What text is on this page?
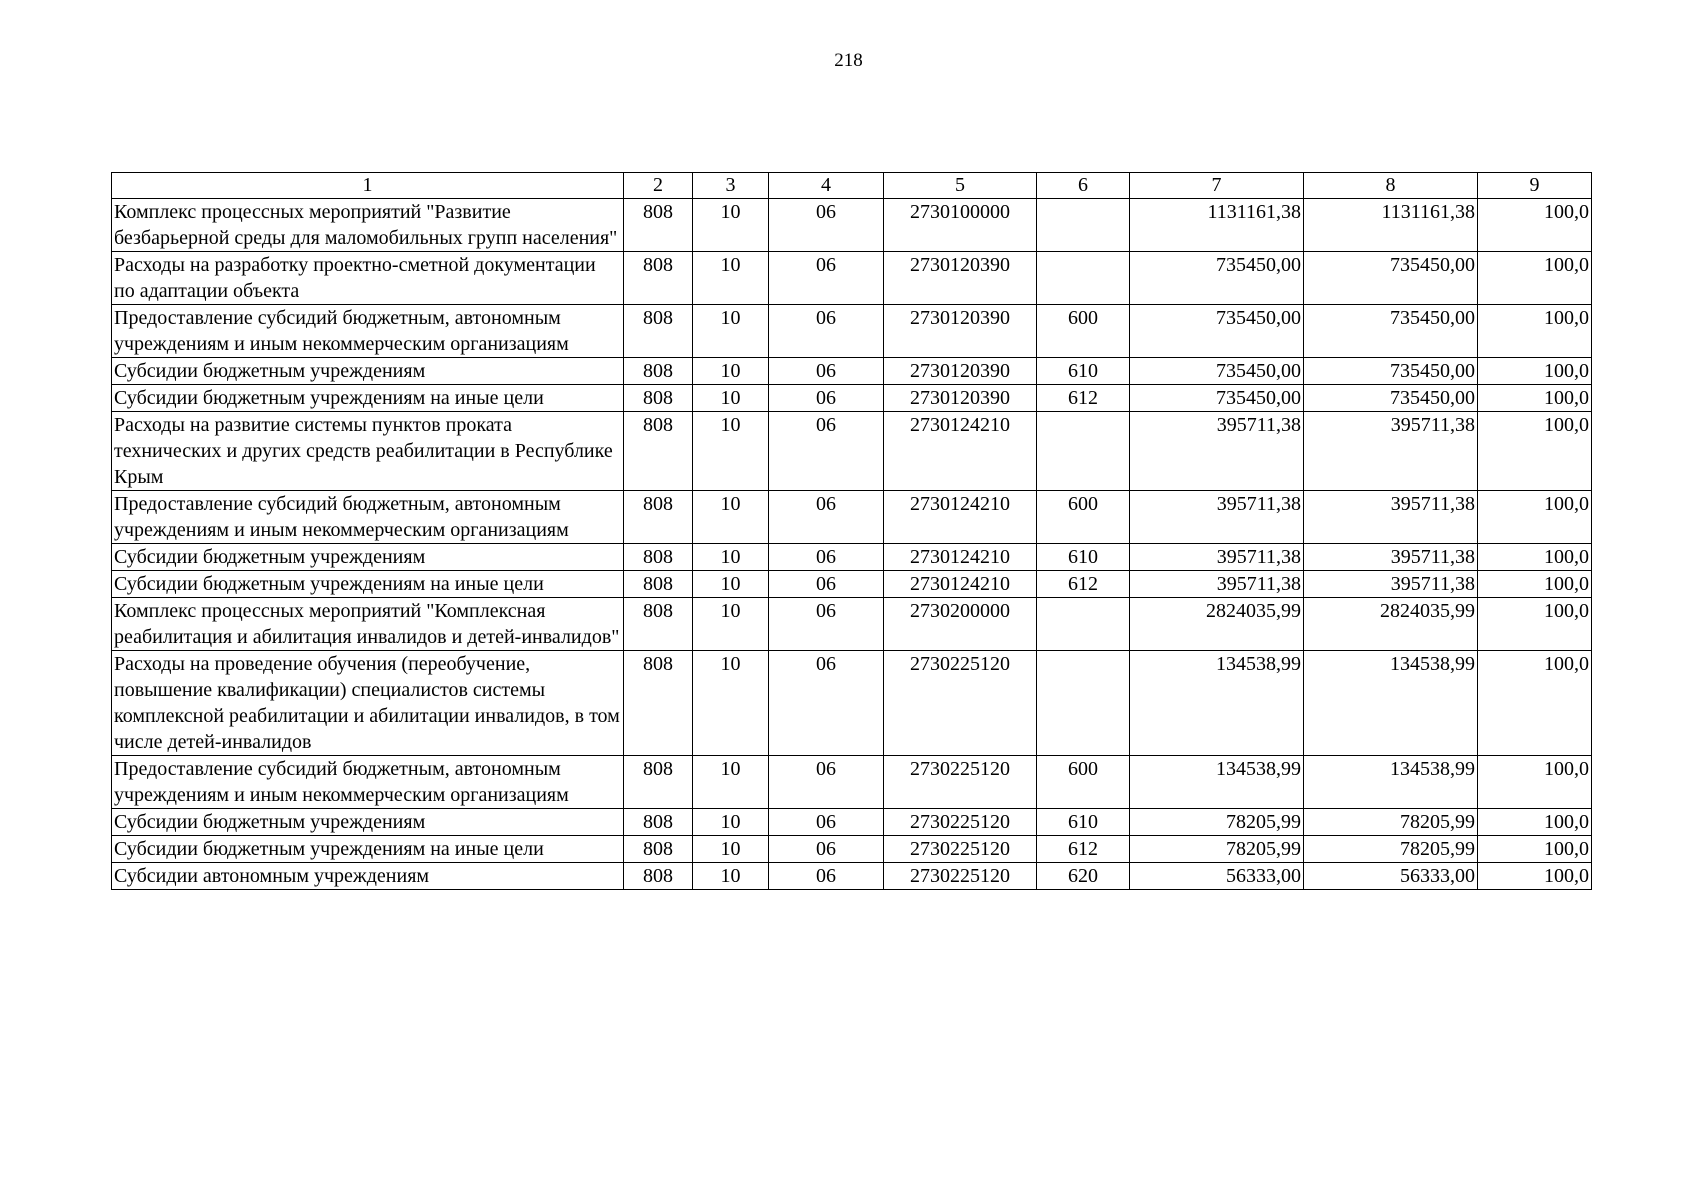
218
1	2	3	4	5	6	7	8	9
Комплекс процессных мероприятий "Развитие безбарьерной среды для маломобильных групп населения"	808	10	06	2730100000		1131161,38	1131161,38	100,0
Расходы на разработку проектно-сметной документации по адаптации объекта	808	10	06	2730120390		735450,00	735450,00	100,0
Предоставление субсидий бюджетным, автономным учреждениям и иным некоммерческим организациям	808	10	06	2730120390	600	735450,00	735450,00	100,0
Субсидии бюджетным учреждениям	808	10	06	2730120390	610	735450,00	735450,00	100,0
Субсидии бюджетным учреждениям на иные цели	808	10	06	2730120390	612	735450,00	735450,00	100,0
Расходы на развитие системы пунктов проката технических и других средств реабилитации в Республике Крым	808	10	06	2730124210		395711,38	395711,38	100,0
Предоставление субсидий бюджетным, автономным учреждениям и иным некоммерческим организациям	808	10	06	2730124210	600	395711,38	395711,38	100,0
Субсидии бюджетным учреждениям	808	10	06	2730124210	610	395711,38	395711,38	100,0
Субсидии бюджетным учреждениям на иные цели	808	10	06	2730124210	612	395711,38	395711,38	100,0
Комплекс процессных мероприятий "Комплексная реабилитация и абилитация инвалидов и детей-инвалидов"	808	10	06	2730200000		2824035,99	2824035,99	100,0
Расходы на проведение обучения (переобучение, повышение квалификации) специалистов системы комплексной реабилитации и абилитации инвалидов, в том числе детей-инвалидов	808	10	06	2730225120		134538,99	134538,99	100,0
Предоставление субсидий бюджетным, автономным учреждениям и иным некоммерческим организациям	808	10	06	2730225120	600	134538,99	134538,99	100,0
Субсидии бюджетным учреждениям	808	10	06	2730225120	610	78205,99	78205,99	100,0
Субсидии бюджетным учреждениям на иные цели	808	10	06	2730225120	612	78205,99	78205,99	100,0
Субсидии автономным учреждениям	808	10	06	2730225120	620	56333,00	56333,00	100,0
